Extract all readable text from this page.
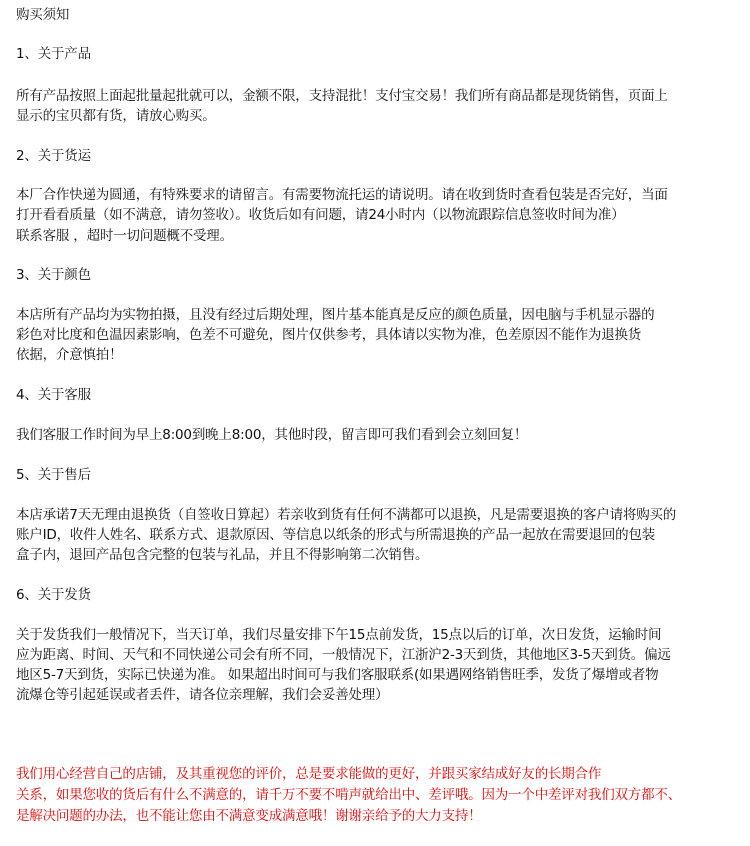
购买须知
1、关于产品
所有产品按照上面起批量起批就可以，金额不限，支持混批！支付宝交易！我们所有商品都是现货销售，页面上
显示的宝贝都有货，请放心购买。
2、关于货运
本厂合作快递为圆通，有特殊要求的请留言。有需要物流托运的请说明。请在收到货时查看包装是否完好，当面
打开看看质量（如不满意，请勿签收）。收货后如有问题，请24小时内（以物流跟踪信息签收时间为准）
联系客服 ，超时一切问题概不受理。
3、关于颜色
本店所有产品均为实物拍摄，且没有经过后期处理，图片基本能真是反应的颜色质量，因电脑与手机显示器的
彩色对比度和色温因素影响，色差不可避免，图片仅供参考，具体请以实物为准，色差原因不能作为退换货
依据，介意慎拍！
4、关于客服
我们客服工作时间为早上8:00到晚上8:00，其他时段，留言即可我们看到会立刻回复！
5、关于售后
本店承诺7天无理由退换货（自签收日算起）若亲收到货有任何不满都可以退换，凡是需要退换的客户请将购买的
账户ID，收件人姓名、联系方式、退款原因、等信息以纸条的形式与所需退换的产品一起放在需要退回的包装
盒子内，退回产品包含完整的包装与礼品，并且不得影响第二次销售。
6、关于发货
关于发货我们一般情况下，当天订单，我们尽量安排下午15点前发货，15点以后的订单，次日发货，运输时间
应为距离、时间、天气和不同快递公司会有所不同，一般情况下，江浙沪2-3天到货，其他地区3-5天到货。偏远
地区5-7天到货，实际已快递为准。 如果超出时间可与我们客服联系(如果遇网络销售旺季，发货了爆增或者物
流爆仓等引起延误或者丢件，请各位亲理解，我们会妥善处理）
我们用心经营自己的店铺，及其重视您的评价，总是要求能做的更好，并跟买家结成好友的长期合作
关系，如果您收的货后有什么不满意的，请千万不要不啃声就给出中、差评哦。因为一个中差评对我们双方都不、
是解决问题的办法，也不能让您由不满意变成满意哦！谢谢亲给予的大力支持！
